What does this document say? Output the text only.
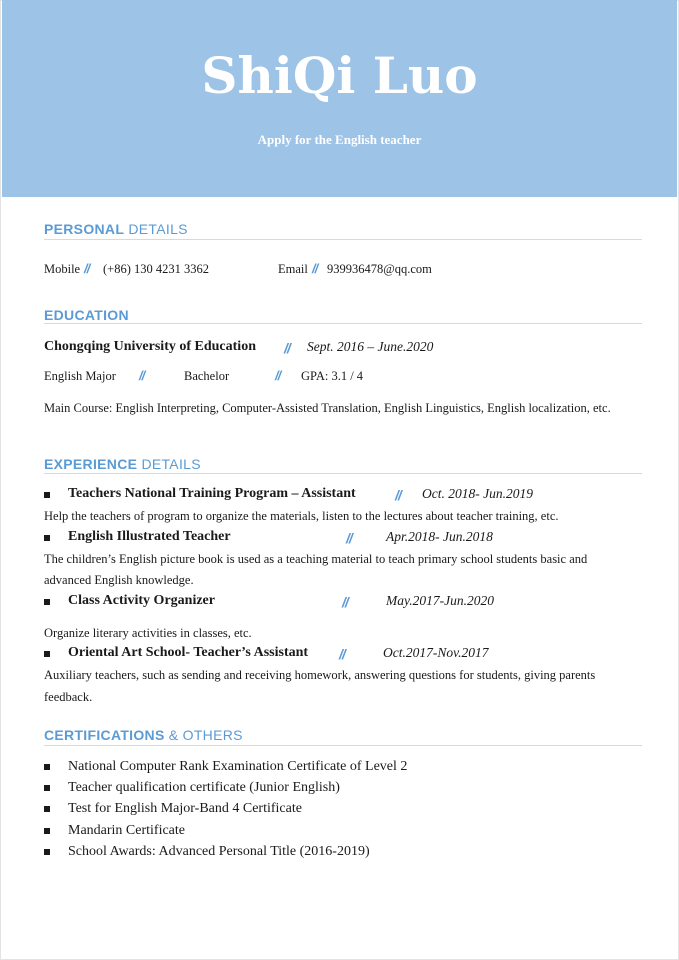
ShiQi Luo
Apply for the English teacher
PERSONAL DETAILS
Mobile // (+86) 130 4231 3362	Email // 939936478@qq.com
EDUCATION
Chongqing University of Education // Sept. 2016 – June.2020
English Major //	Bachelor	// GPA: 3.1 / 4
Main Course: English Interpreting, Computer-Assisted Translation, English Linguistics, English localization, etc.
EXPERIENCE DETAILS
Teachers National Training Program – Assistant	// Oct. 2018- Jun.2019
Help the teachers of program to organize the materials, listen to the lectures about teacher training, etc.
English Illustrated Teacher	//	Apr.2018- Jun.2018
The children’s English picture book is used as a teaching material to teach primary school students basic and
advanced English knowledge.
Class Activity Organizer	//	May.2017-Jun.2020
Organize literary activities in classes, etc.
Oriental Art School- Teacher’s Assistant //	Oct.2017-Nov.2017
Auxiliary teachers, such as sending and receiving homework, answering questions for students, giving parents
feedback.
CERTIFICATIONS & OTHERS
National Computer Rank Examination Certificate of Level 2
Teacher qualification certificate (Junior English)
Test for English Major-Band 4 Certificate
Mandarin Certificate
School Awards: Advanced Personal Title (2016-2019)
